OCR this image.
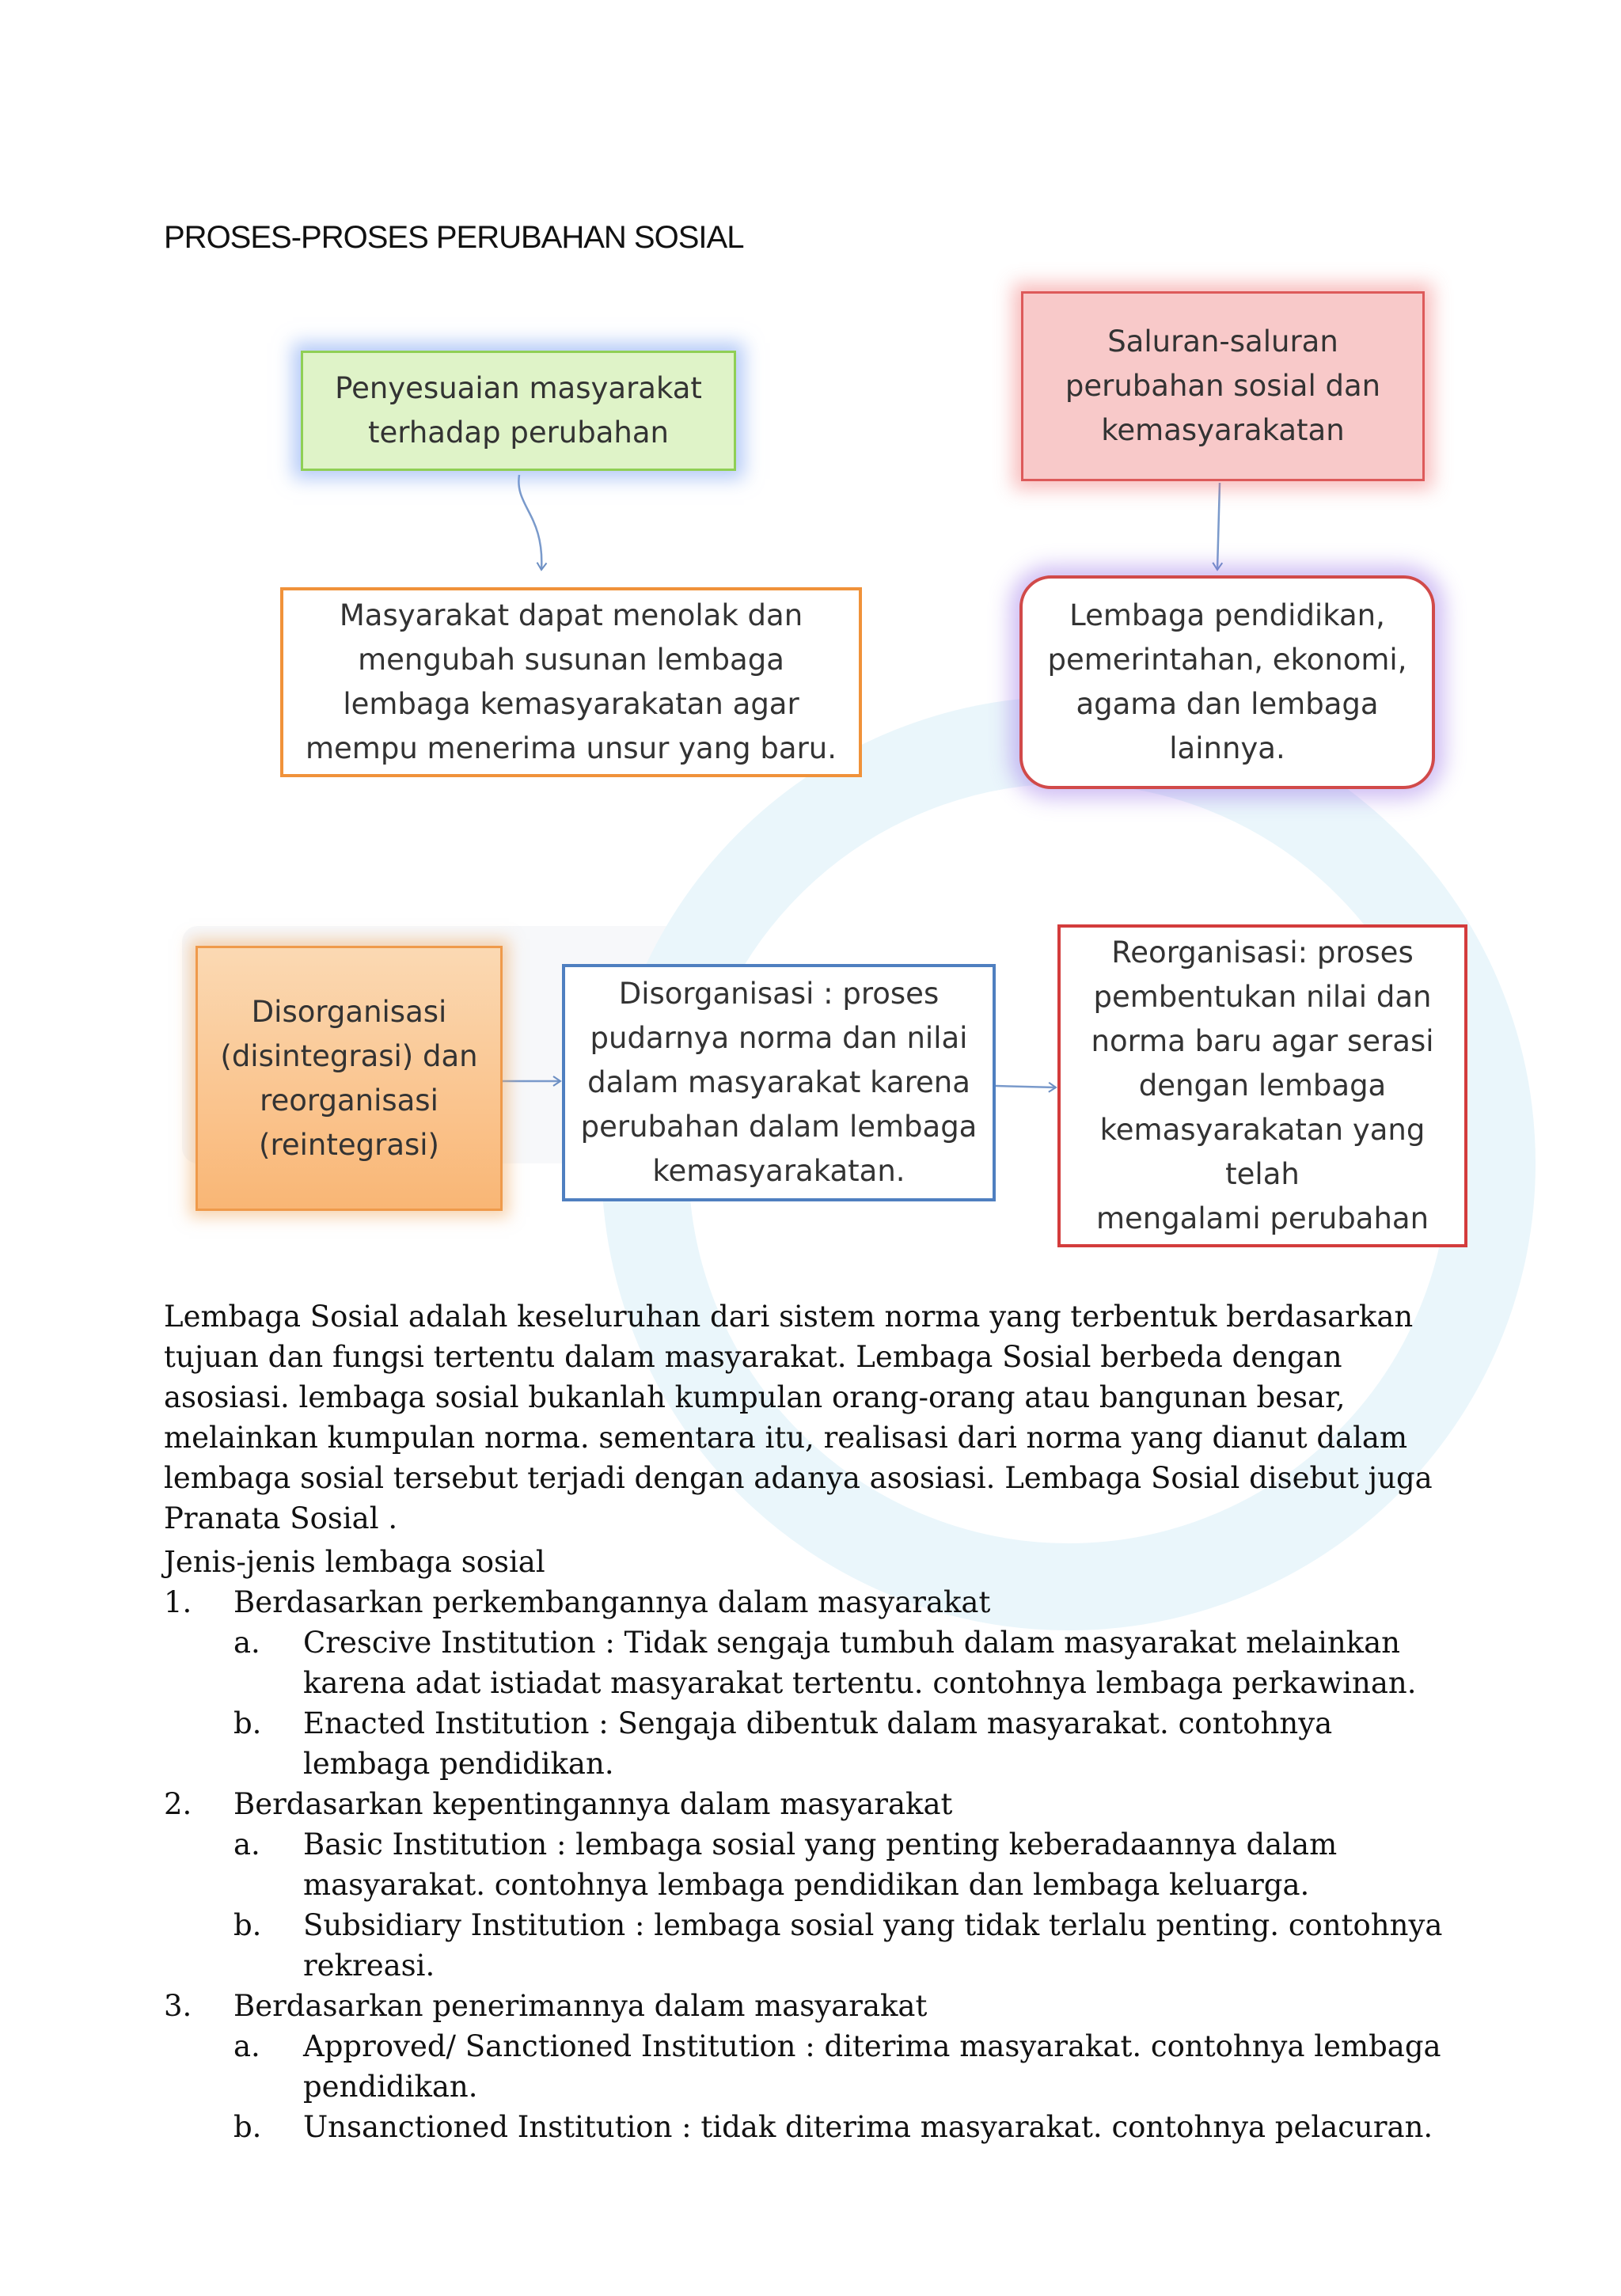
PROSES-PROSES PERUBAHAN SOSIAL
Penyesuaian masyarakat
terhadap perubahan
Saluran-saluran
perubahan sosial dan
kemasyarakatan
Masyarakat dapat menolak dan
mengubah susunan lembaga
lembaga kemasyarakatan agar
mempu menerima unsur yang baru.
Lembaga pendidikan,
pemerintahan, ekonomi,
agama dan lembaga
lainnya.
Disorganisasi
(disintegrasi) dan
reorganisasi
(reintegrasi)
Disorganisasi : proses
pudarnya norma dan nilai
dalam masyarakat karena
perubahan dalam lembaga
kemasyarakatan.
Reorganisasi: proses
pembentukan nilai dan
norma baru agar serasi
dengan lembaga
kemasyarakatan yang
telah
mengalami perubahan

Lembaga Sosial adalah keseluruhan dari sistem norma yang terbentuk berdasarkan tujuan dan fungsi tertentu dalam masyarakat. Lembaga Sosial berbeda dengan asosiasi. lembaga sosial bukanlah kumpulan orang-orang atau bangunan besar, melainkan kumpulan norma. sementara itu, realisasi dari norma yang dianut dalam lembaga sosial tersebut terjadi dengan adanya asosiasi. Lembaga Sosial disebut juga Pranata Sosial .

Jenis-jenis lembaga sosial

1.	Berdasarkan perkembangannya dalam masyarakat
a.	Crescive Institution : Tidak sengaja tumbuh dalam masyarakat melainkan karena adat istiadat masyarakat tertentu. contohnya lembaga perkawinan.
b.	Enacted Institution : Sengaja dibentuk dalam masyarakat. contohnya lembaga pendidikan.
2.	Berdasarkan kepentingannya dalam masyarakat
a.	Basic Institution : lembaga sosial yang penting keberadaannya dalam masyarakat. contohnya lembaga pendidikan dan lembaga keluarga.
b.	Subsidiary Institution : lembaga sosial yang tidak terlalu penting. contohnya rekreasi.
3.	Berdasarkan penerimannya dalam masyarakat
a.	Approved/ Sanctioned Institution : diterima masyarakat. contohnya lembaga pendidikan.
b.	Unsanctioned Institution : tidak diterima masyarakat. contohnya pelacuran.
